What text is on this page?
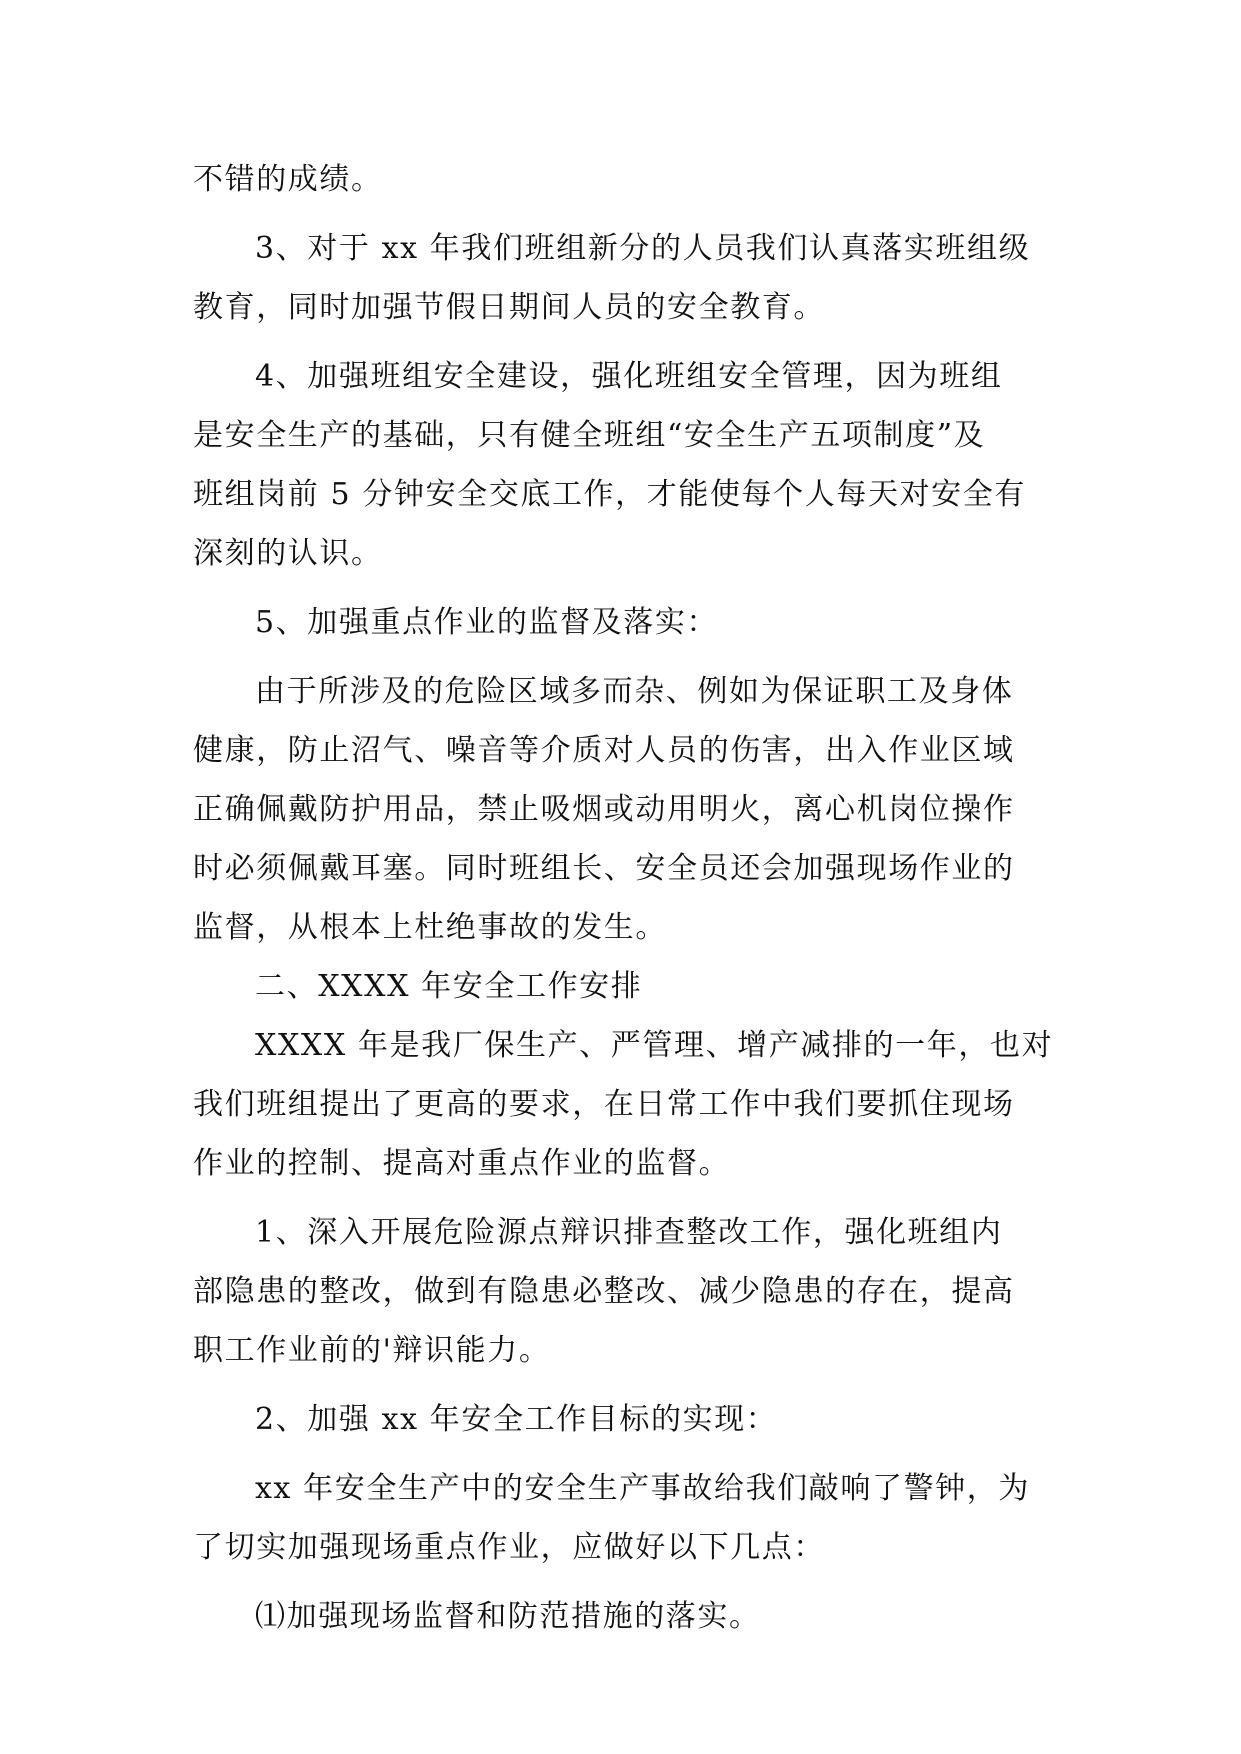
不错的成绩。
3、对于 xx 年我们班组新分的人员我们认真落实班组级
教育，同时加强节假日期间人员的安全教育。
4、加强班组安全建设，强化班组安全管理，因为班组
是安全生产的基础，只有健全班组“安全生产五项制度”及
班组岗前 5 分钟安全交底工作，才能使每个人每天对安全有
深刻的认识。
5、加强重点作业的监督及落实：
由于所涉及的危险区域多而杂、例如为保证职工及身体
健康，防止沼气、噪音等介质对人员的伤害，出入作业区域
正确佩戴防护用品，禁止吸烟或动用明火，离心机岗位操作
时必须佩戴耳塞。同时班组长、安全员还会加强现场作业的
监督，从根本上杜绝事故的发生。
二、XXXX 年安全工作安排
XXXX 年是我厂保生产、严管理、增产减排的一年，也对
我们班组提出了更高的要求，在日常工作中我们要抓住现场
作业的控制、提高对重点作业的监督。
1、深入开展危险源点辩识排查整改工作，强化班组内
部隐患的整改，做到有隐患必整改、减少隐患的存在，提高
职工作业前的'辩识能力。
2、加强 xx 年安全工作目标的实现：
xx 年安全生产中的安全生产事故给我们敲响了警钟，为
了切实加强现场重点作业，应做好以下几点：
⑴加强现场监督和防范措施的落实。
